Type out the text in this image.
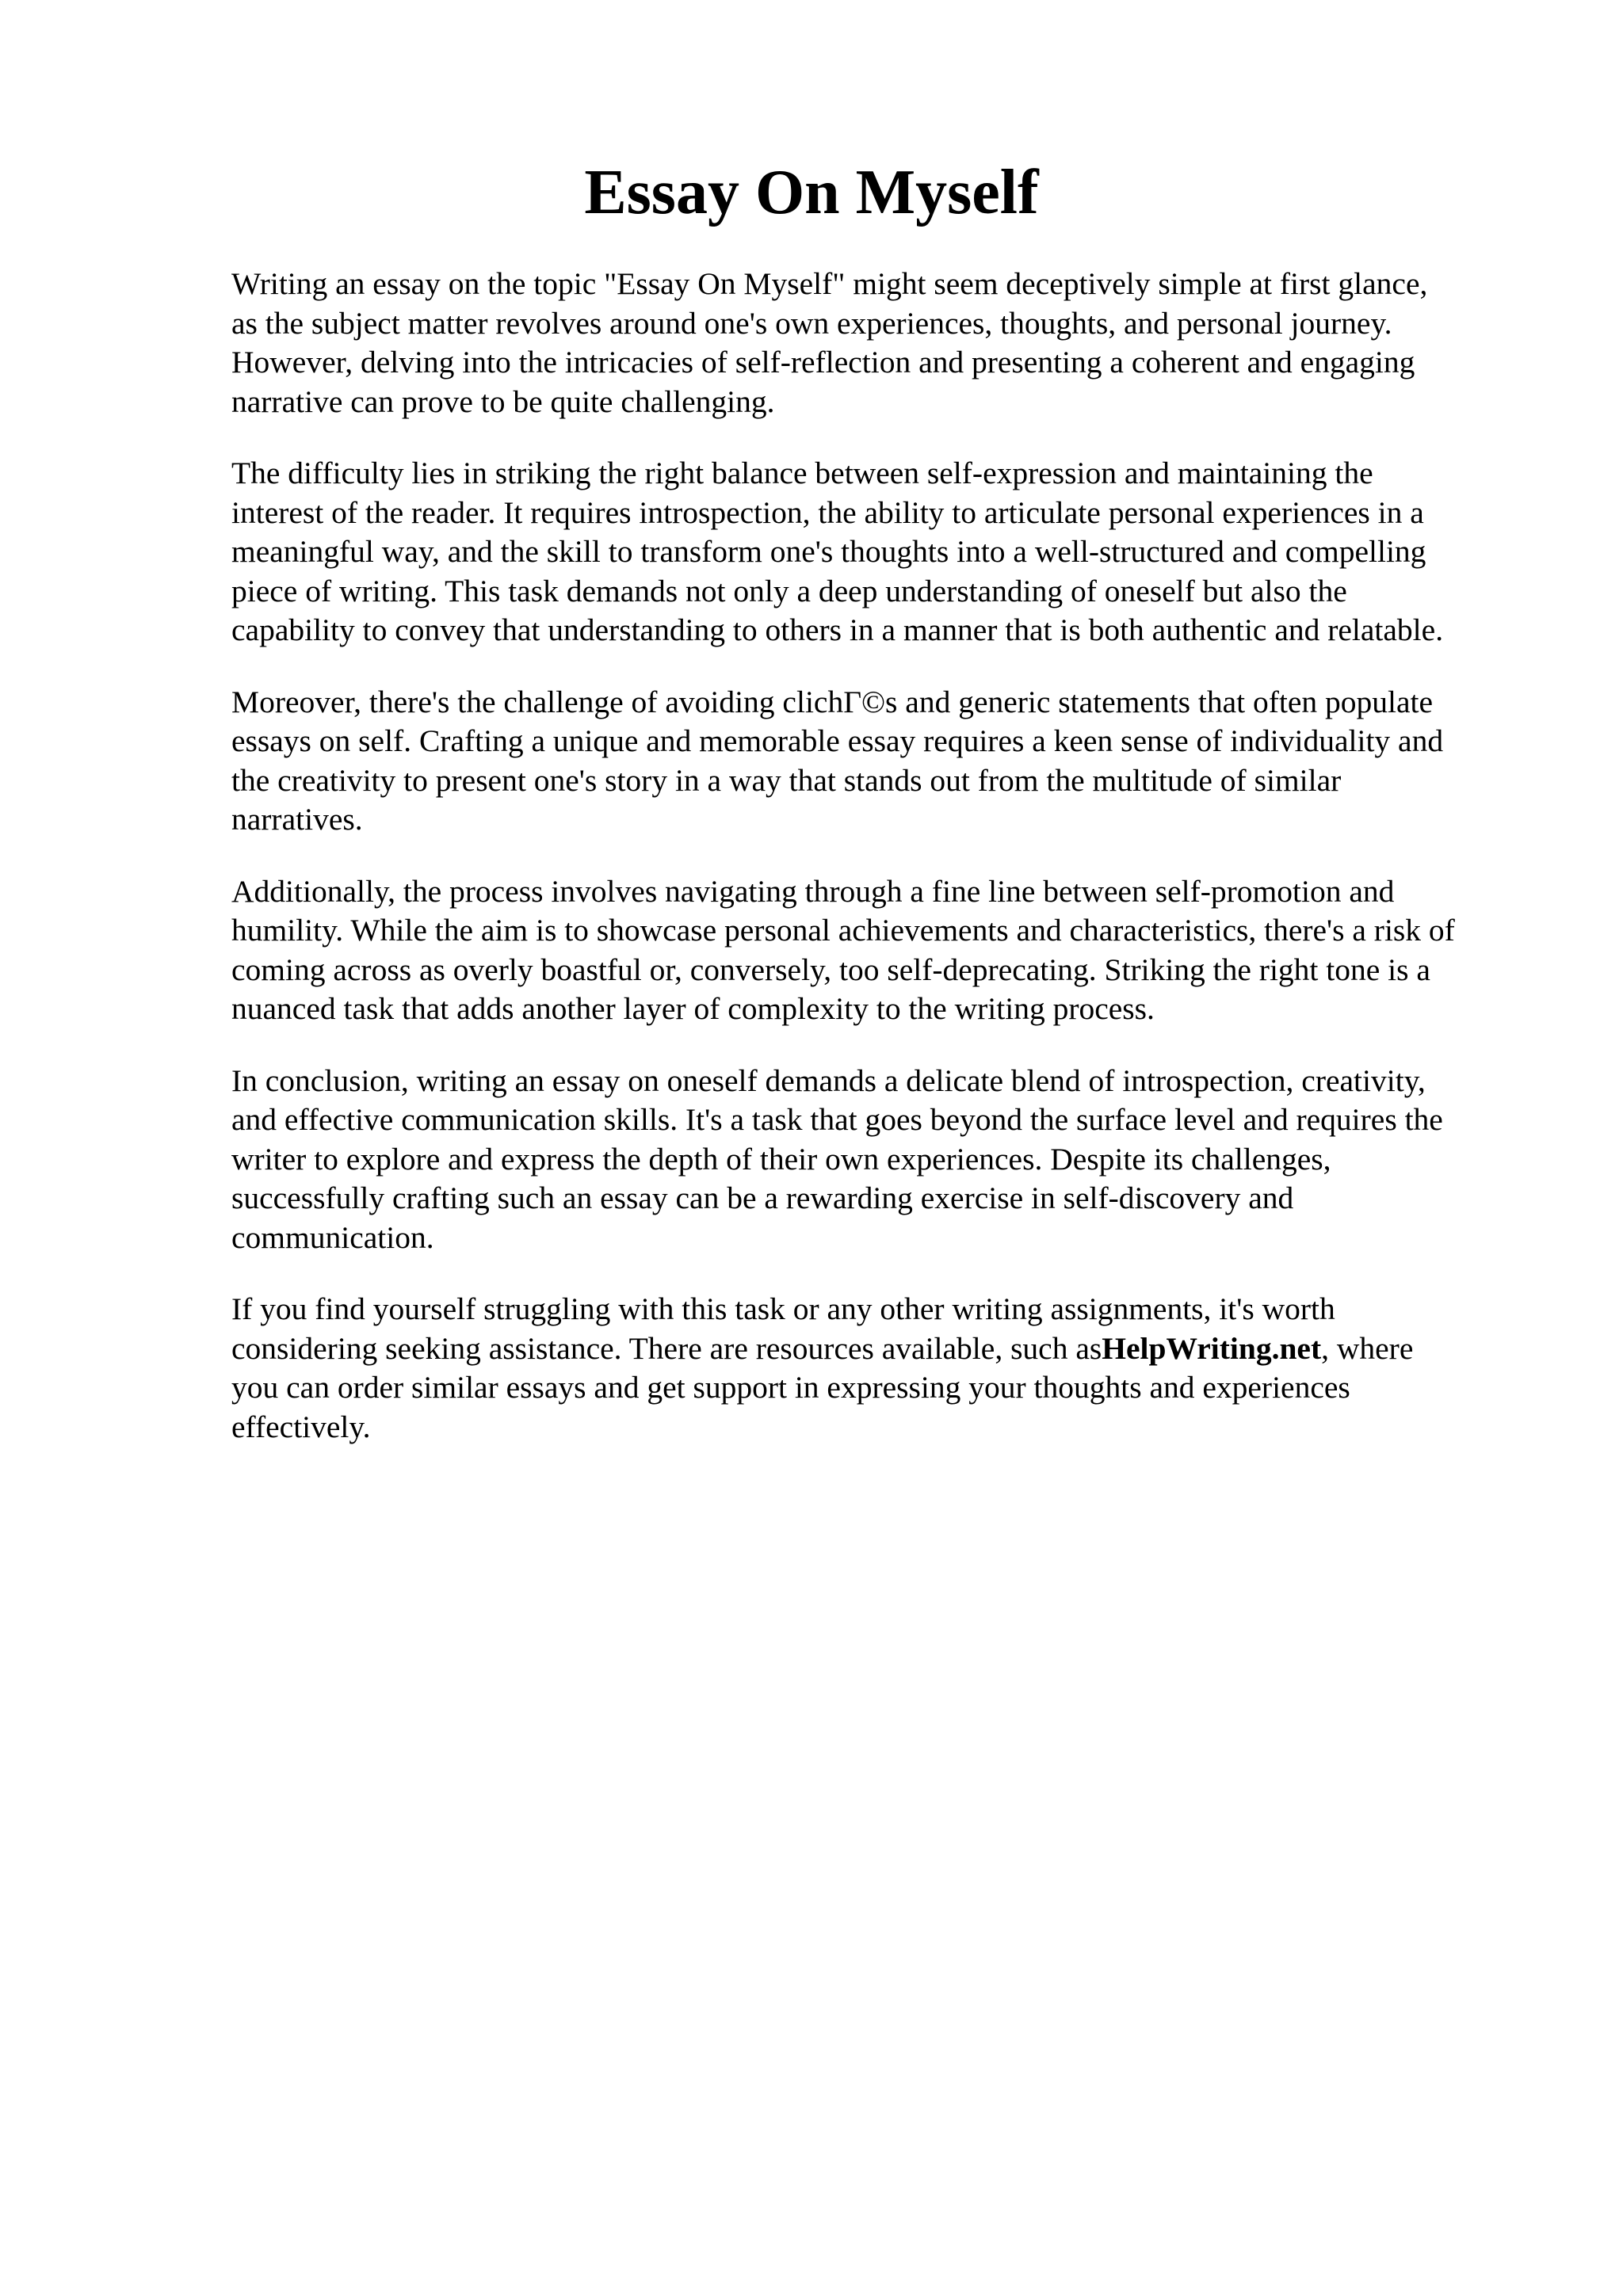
Essay On Myself

Writing an essay on the topic "Essay On Myself" might seem deceptively simple at first glance,
as the subject matter revolves around one's own experiences, thoughts, and personal journey.
However, delving into the intricacies of self-reflection and presenting a coherent and engaging
narrative can prove to be quite challenging.

The difficulty lies in striking the right balance between self-expression and maintaining the
interest of the reader. It requires introspection, the ability to articulate personal experiences in a
meaningful way, and the skill to transform one's thoughts into a well-structured and compelling
piece of writing. This task demands not only a deep understanding of oneself but also the
capability to convey that understanding to others in a manner that is both authentic and relatable.

Moreover, there's the challenge of avoiding clichΓ©s and generic statements that often populate
essays on self. Crafting a unique and memorable essay requires a keen sense of individuality and
the creativity to present one's story in a way that stands out from the multitude of similar
narratives.

Additionally, the process involves navigating through a fine line between self-promotion and
humility. While the aim is to showcase personal achievements and characteristics, there's a risk of
coming across as overly boastful or, conversely, too self-deprecating. Striking the right tone is a
nuanced task that adds another layer of complexity to the writing process.

In conclusion, writing an essay on oneself demands a delicate blend of introspection, creativity,
and effective communication skills. It's a task that goes beyond the surface level and requires the
writer to explore and express the depth of their own experiences. Despite its challenges,
successfully crafting such an essay can be a rewarding exercise in self-discovery and
communication.

If you find yourself struggling with this task or any other writing assignments, it's worth
considering seeking assistance. There are resources available, such asHelpWriting.net, where
you can order similar essays and get support in expressing your thoughts and experiences
effectively.
